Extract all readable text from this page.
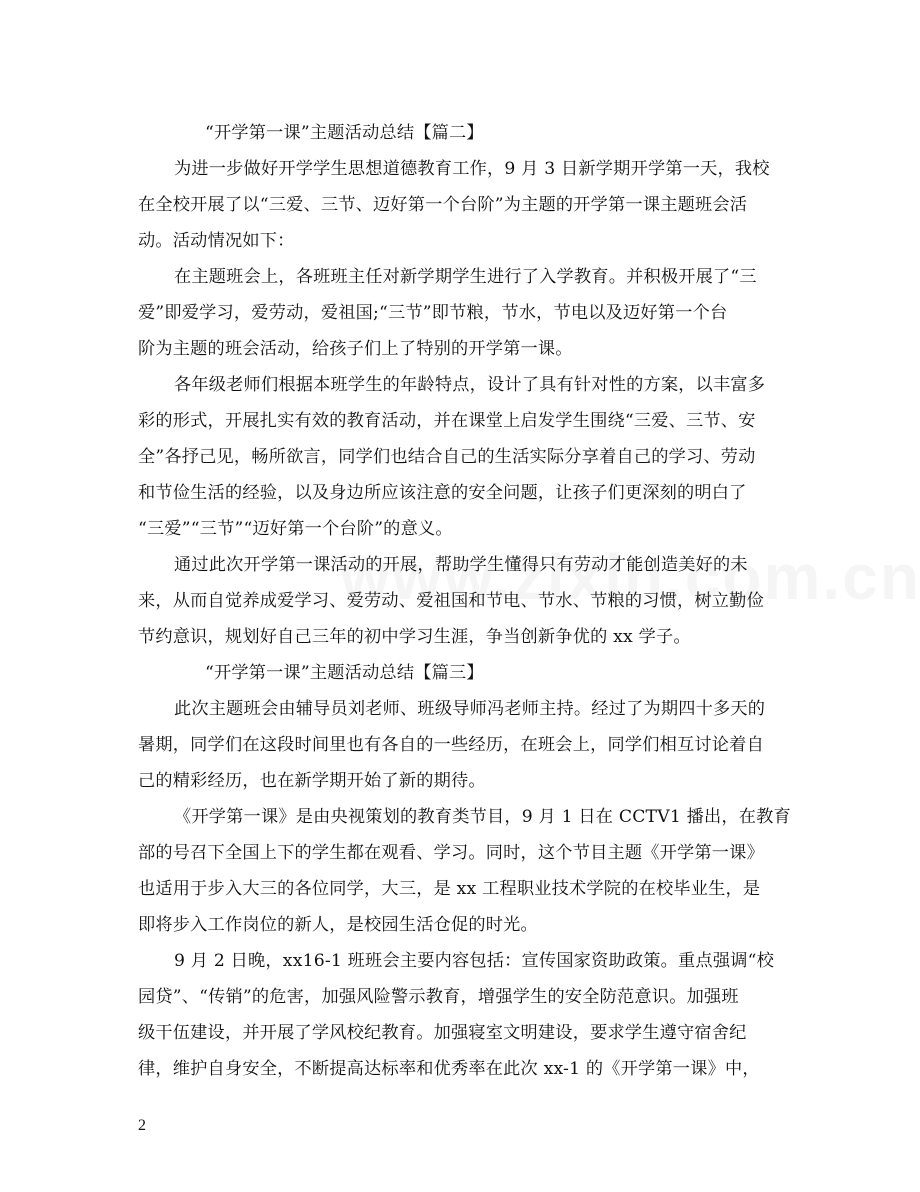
“开学第一课”主题活动总结【篇二】
为进一步做好开学学生思想道德教育工作，9 月 3 日新学期开学第一天，我校
在全校开展了以“三爱、三节、迈好第一个台阶”为主题的开学第一课主题班会活
动。活动情况如下：
在主题班会上，各班班主任对新学期学生进行了入学教育。并积极开展了“三
爱”即爱学习，爱劳动，爱祖国;“三节”即节粮，节水，节电以及迈好第一个台
阶为主题的班会活动，给孩子们上了特别的开学第一课。
各年级老师们根据本班学生的年龄特点，设计了具有针对性的方案，以丰富多
彩的形式，开展扎实有效的教育活动，并在课堂上启发学生围绕“三爱、三节、安
全”各抒己见，畅所欲言，同学们也结合自己的生活实际分享着自己的学习、劳动
和节俭生活的经验，以及身边所应该注意的安全问题，让孩子们更深刻的明白了
“三爱”“三节”“迈好第一个台阶”的意义。
通过此次开学第一课活动的开展，帮助学生懂得只有劳动才能创造美好的未
来，从而自觉养成爱学习、爱劳动、爱祖国和节电、节水、节粮的习惯，树立勤俭
节约意识，规划好自己三年的初中学习生涯，争当创新争优的 xx 学子。
“开学第一课”主题活动总结【篇三】
此次主题班会由辅导员刘老师、班级导师冯老师主持。经过了为期四十多天的
暑期，同学们在这段时间里也有各自的一些经历，在班会上，同学们相互讨论着自
己的精彩经历，也在新学期开始了新的期待。
《开学第一课》是由央视策划的教育类节目，9 月 1 日在 CCTV1 播出，在教育
部的号召下全国上下的学生都在观看、学习。同时，这个节目主题《开学第一课》
也适用于步入大三的各位同学，大三，是 xx 工程职业技术学院的在校毕业生，是
即将步入工作岗位的新人，是校园生活仓促的时光。
9 月 2 日晚，xx16-1 班班会主要内容包括：宣传国家资助政策。重点强调“校
园贷”、“传销”的危害，加强风险警示教育，增强学生的安全防范意识。加强班
级干伍建设，并开展了学风校纪教育。加强寝室文明建设，要求学生遵守宿舍纪
律，维护自身安全，不断提高达标率和优秀率在此次 xx-1 的《开学第一课》中，
2
